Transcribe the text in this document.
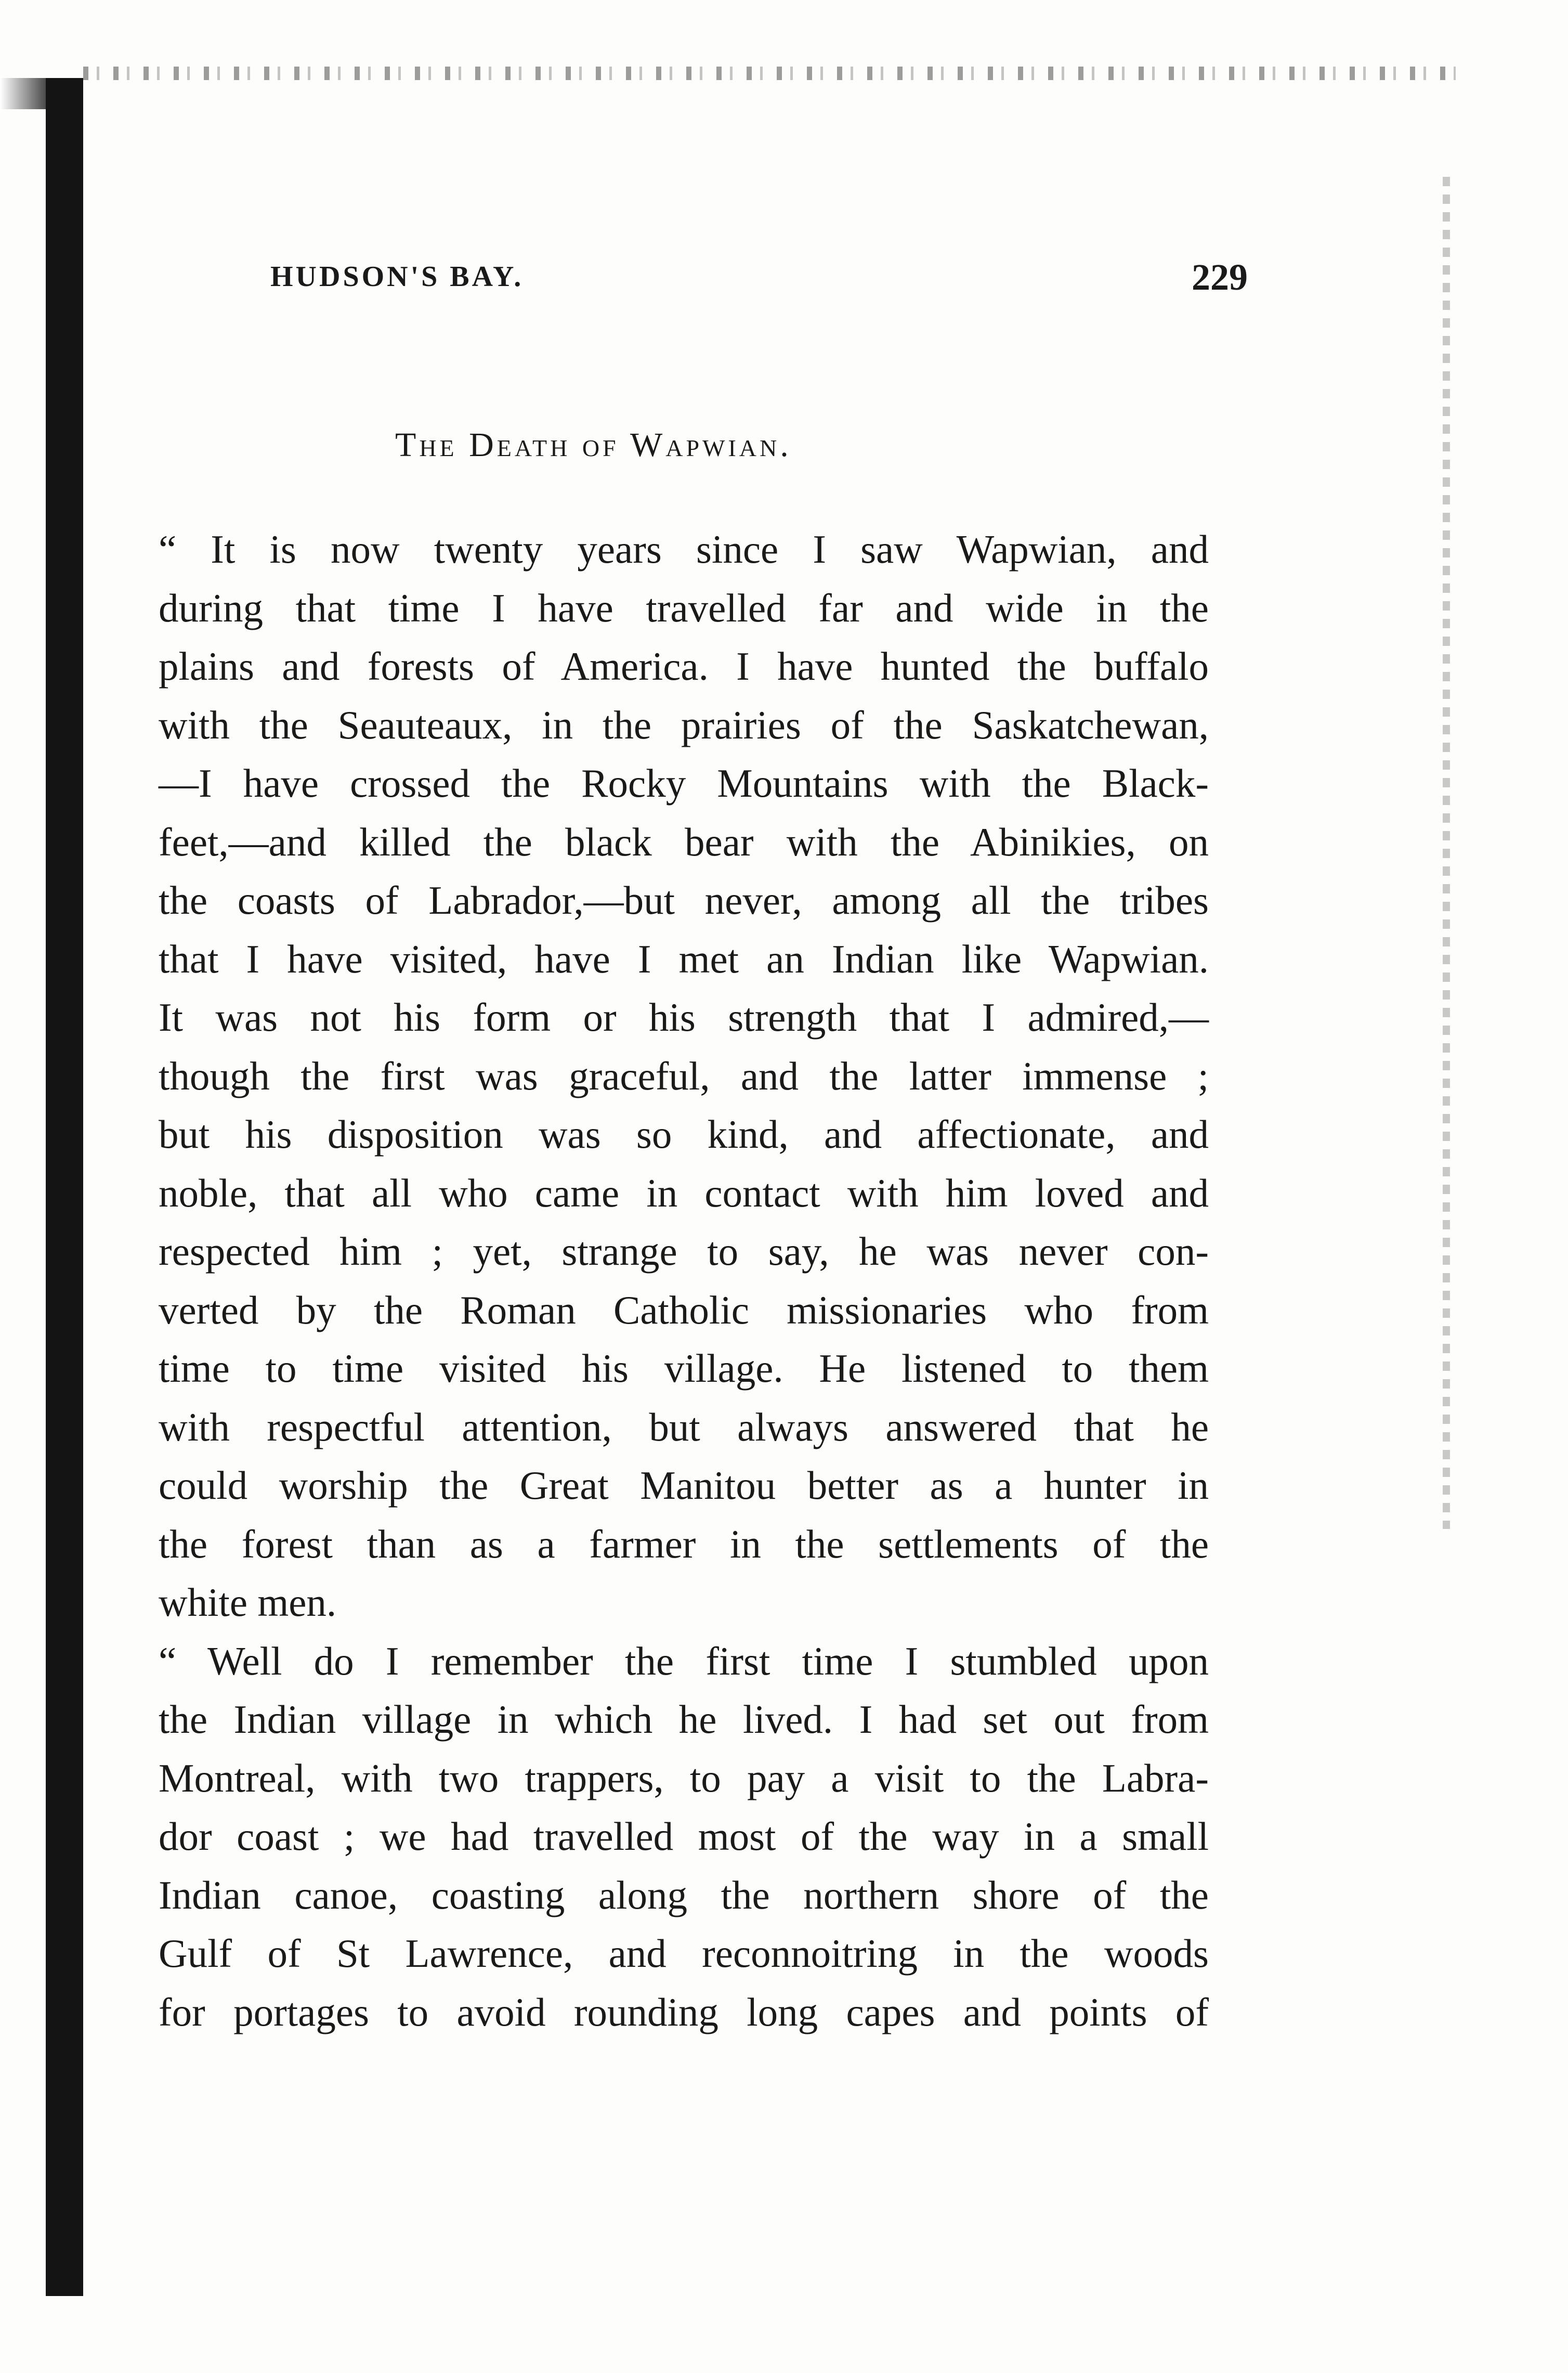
HUDSON'S BAY.	229
The Death of Wapwian.
“ It is now twenty years since I saw Wapwian, and
during that time I have travelled far and wide in the
plains and forests of America. I have hunted the buffalo
with the Seauteaux, in the prairies of the Saskatchewan,
—I have crossed the Rocky Mountains with the Black-
feet,—and killed the black bear with the Abinikies, on
the coasts of Labrador,—but never, among all the tribes
that I have visited, have I met an Indian like Wapwian.
It was not his form or his strength that I admired,—
though the first was graceful, and the latter immense ;
but his disposition was so kind, and affectionate, and
noble, that all who came in contact with him loved and
respected him ; yet, strange to say, he was never con-
verted by the Roman Catholic missionaries who from
time to time visited his village. He listened to them
with respectful attention, but always answered that he
could worship the Great Manitou better as a hunter in
the forest than as a farmer in the settlements of the
white men.
“ Well do I remember the first time I stumbled upon
the Indian village in which he lived. I had set out from
Montreal, with two trappers, to pay a visit to the Labra-
dor coast ; we had travelled most of the way in a small
Indian canoe, coasting along the northern shore of the
Gulf of St Lawrence, and reconnoitring in the woods
for portages to avoid rounding long capes and points of
